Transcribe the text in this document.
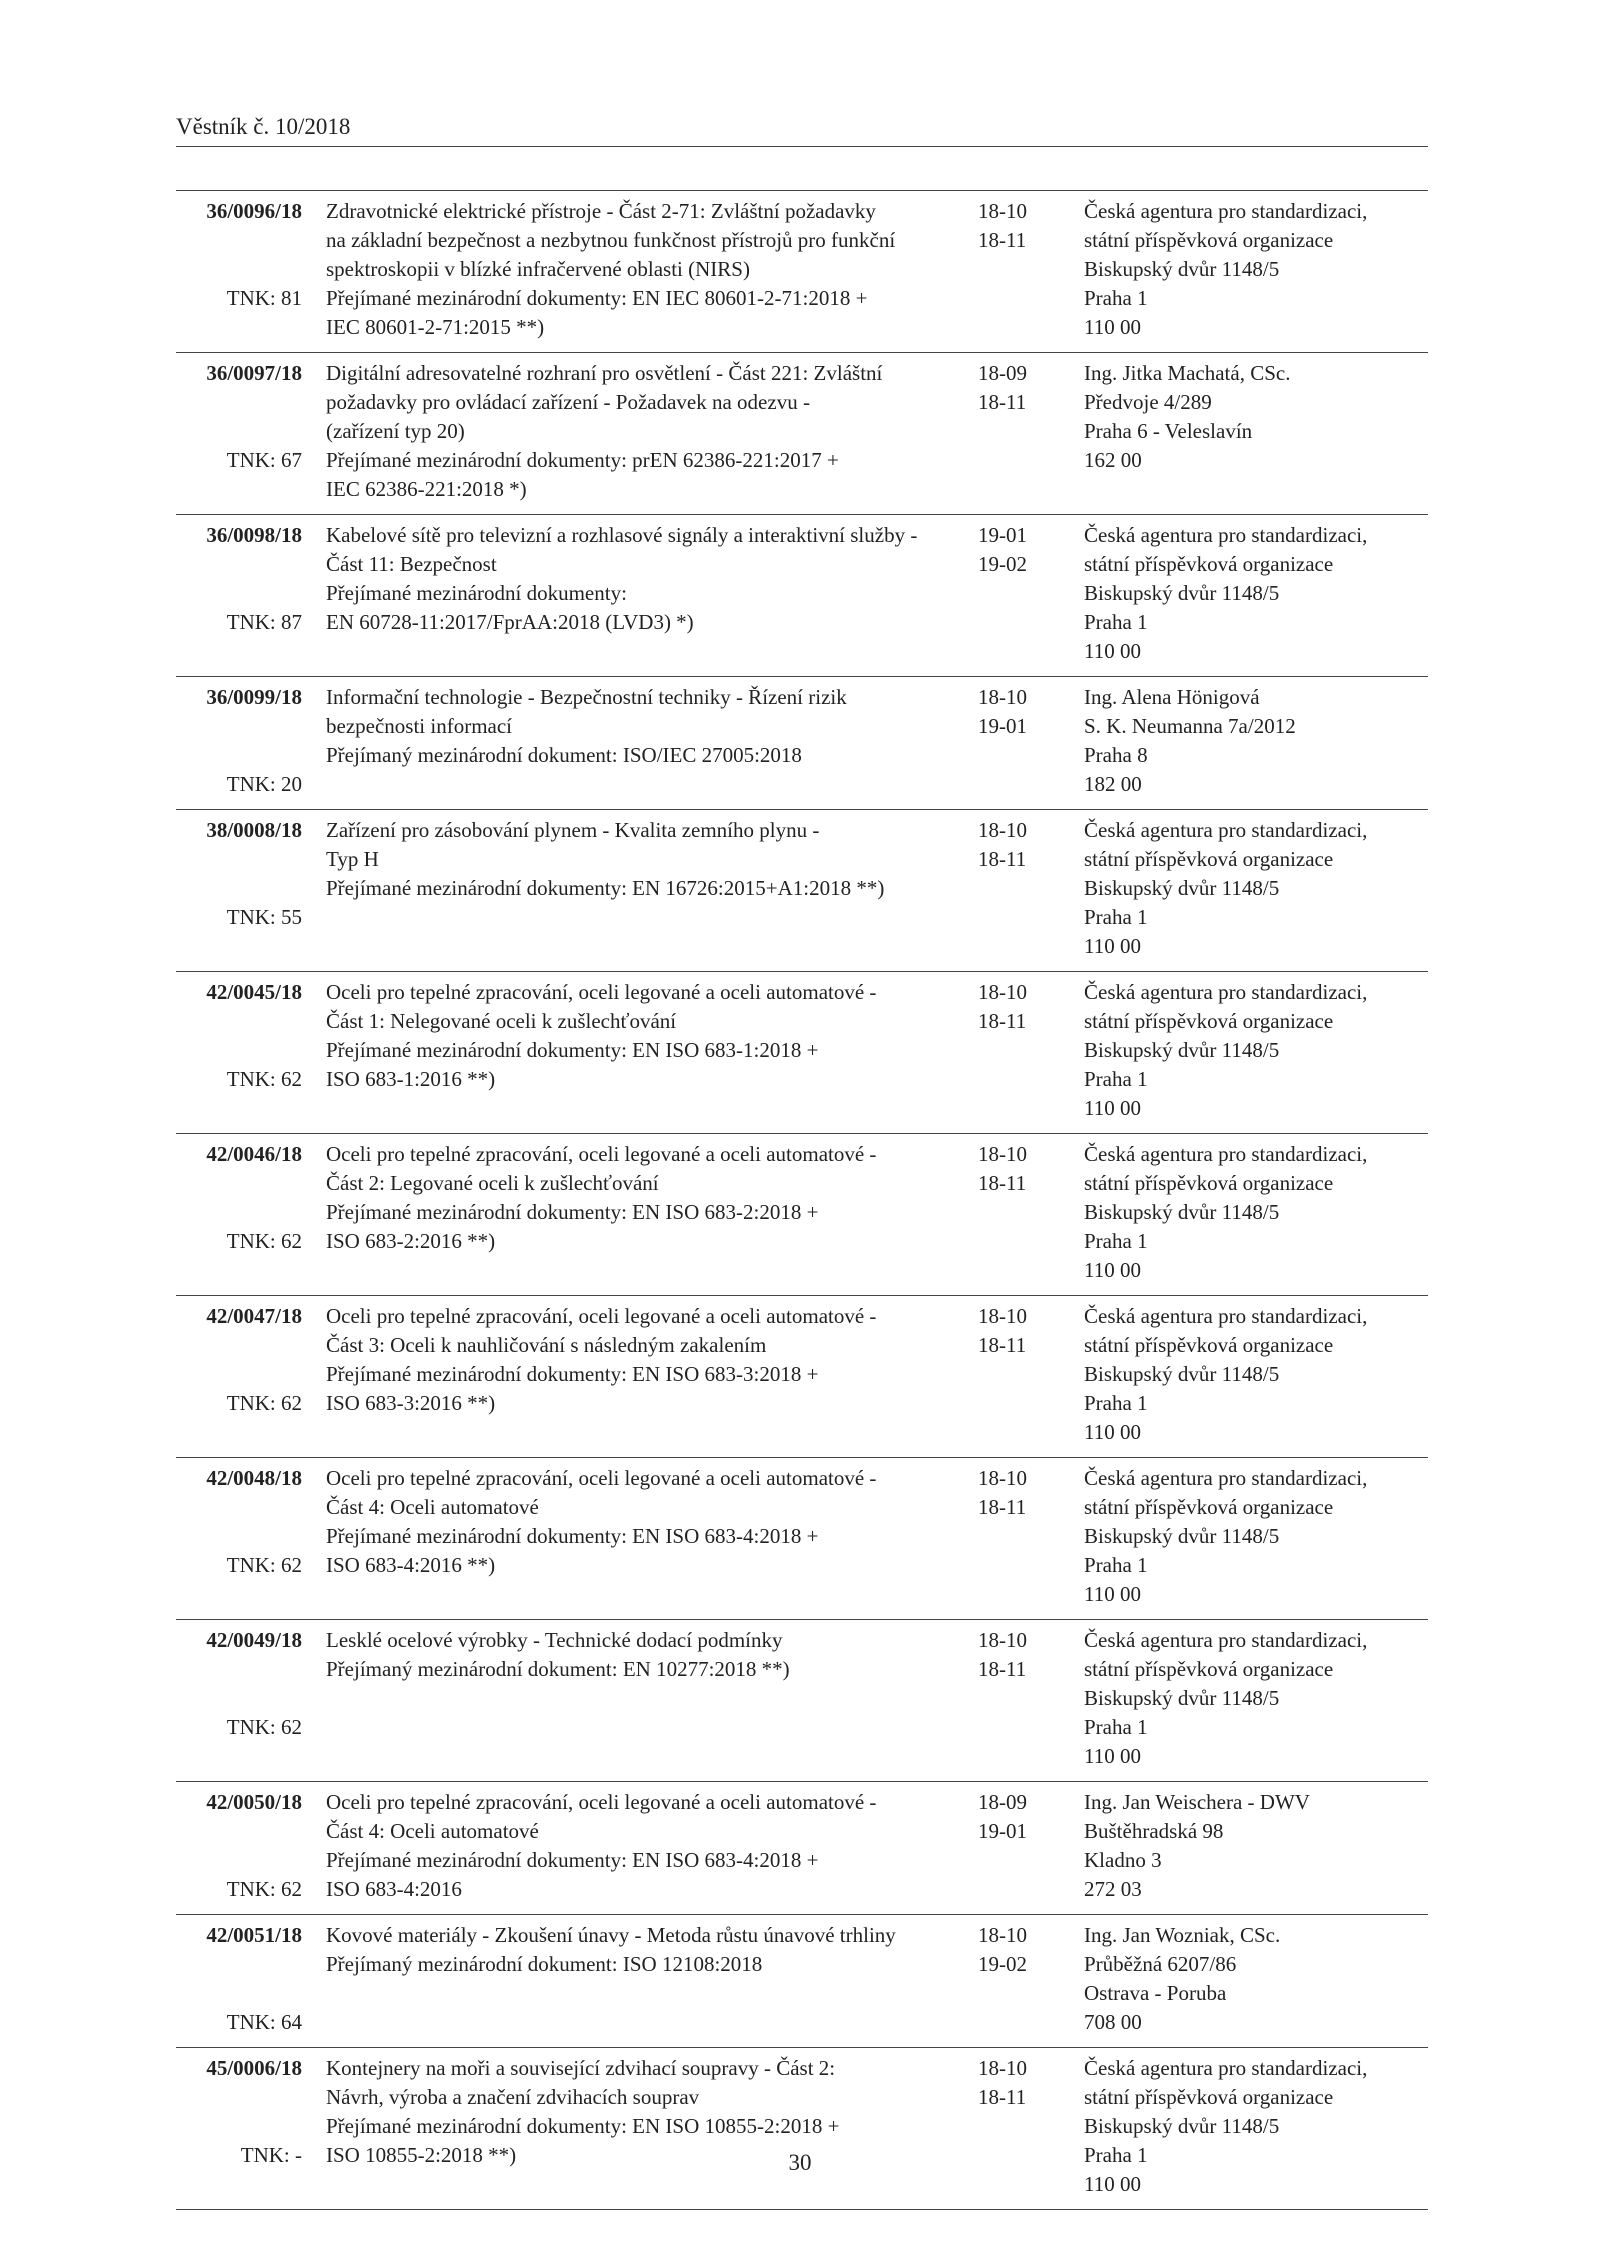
Věstník č. 10/2018
36/0096/18
TNK: 81
Zdravotnické elektrické přístroje - Část 2-71: Zvláštní požadavky
na základní bezpečnost a nezbytnou funkčnost přístrojů pro funkční
spektroskopii v blízké infračervené oblasti (NIRS)
Přejímané mezinárodní dokumenty: EN IEC 80601-2-71:2018 +
IEC 80601-2-71:2015 **)
18-10
18-11
Česká agentura pro standardizaci,
státní příspěvková organizace
Biskupský dvůr 1148/5
Praha 1
110 00
36/0097/18
TNK: 67
Digitální adresovatelné rozhraní pro osvětlení - Část 221: Zvláštní
požadavky pro ovládací zařízení - Požadavek na odezvu -
(zařízení typ 20)
Přejímané mezinárodní dokumenty: prEN 62386-221:2017 +
IEC 62386-221:2018 *)
18-09
18-11
Ing. Jitka Machatá, CSc.
Předvoje 4/289
Praha 6 - Veleslavín
162 00
36/0098/18
TNK: 87
Kabelové sítě pro televizní a rozhlasové signály a interaktivní služby -
Část 11: Bezpečnost
Přejímané mezinárodní dokumenty:
EN 60728-11:2017/FprAA:2018 (LVD3) *)
19-01
19-02
Česká agentura pro standardizaci,
státní příspěvková organizace
Biskupský dvůr 1148/5
Praha 1
110 00
36/0099/18
TNK: 20
Informační technologie - Bezpečnostní techniky - Řízení rizik
bezpečnosti informací
Přejímaný mezinárodní dokument: ISO/IEC 27005:2018
18-10
19-01
Ing. Alena Hönigová
S. K. Neumanna 7a/2012
Praha 8
182 00
38/0008/18
TNK: 55
Zařízení pro zásobování plynem - Kvalita zemního plynu -
Typ H
Přejímané mezinárodní dokumenty: EN 16726:2015+A1:2018 **)
18-10
18-11
Česká agentura pro standardizaci,
státní příspěvková organizace
Biskupský dvůr 1148/5
Praha 1
110 00
42/0045/18
TNK: 62
Oceli pro tepelné zpracování, oceli legované a oceli automatové -
Část 1: Nelegované oceli k zušlechťování
Přejímané mezinárodní dokumenty: EN ISO 683-1:2018 +
ISO 683-1:2016 **)
18-10
18-11
Česká agentura pro standardizaci,
státní příspěvková organizace
Biskupský dvůr 1148/5
Praha 1
110 00
42/0046/18
TNK: 62
Oceli pro tepelné zpracování, oceli legované a oceli automatové -
Část 2: Legované oceli k zušlechťování
Přejímané mezinárodní dokumenty: EN ISO 683-2:2018 +
ISO 683-2:2016 **)
18-10
18-11
Česká agentura pro standardizaci,
státní příspěvková organizace
Biskupský dvůr 1148/5
Praha 1
110 00
42/0047/18
TNK: 62
Oceli pro tepelné zpracování, oceli legované a oceli automatové -
Část 3: Oceli k nauhličování s následným zakalením
Přejímané mezinárodní dokumenty: EN ISO 683-3:2018 +
ISO 683-3:2016 **)
18-10
18-11
Česká agentura pro standardizaci,
státní příspěvková organizace
Biskupský dvůr 1148/5
Praha 1
110 00
42/0048/18
TNK: 62
Oceli pro tepelné zpracování, oceli legované a oceli automatové -
Část 4: Oceli automatové
Přejímané mezinárodní dokumenty: EN ISO 683-4:2018 +
ISO 683-4:2016 **)
18-10
18-11
Česká agentura pro standardizaci,
státní příspěvková organizace
Biskupský dvůr 1148/5
Praha 1
110 00
42/0049/18
TNK: 62
Lesklé ocelové výrobky - Technické dodací podmínky
Přejímaný mezinárodní dokument: EN 10277:2018 **)
18-10
18-11
Česká agentura pro standardizaci,
státní příspěvková organizace
Biskupský dvůr 1148/5
Praha 1
110 00
42/0050/18
TNK: 62
Oceli pro tepelné zpracování, oceli legované a oceli automatové -
Část 4: Oceli automatové
Přejímané mezinárodní dokumenty: EN ISO 683-4:2018 +
ISO 683-4:2016
18-09
19-01
Ing. Jan Weischera - DWV
Buštěhradská 98
Kladno 3
272 03
42/0051/18
TNK: 64
Kovové materiály - Zkoušení únavy - Metoda růstu únavové trhliny
Přejímaný mezinárodní dokument: ISO 12108:2018
18-10
19-02
Ing. Jan Wozniak, CSc.
Průběžná 6207/86
Ostrava - Poruba
708 00
45/0006/18
TNK: -
Kontejnery na moři a související zdvihací soupravy - Část 2:
Návrh, výroba a značení zdvihacích souprav
Přejímané mezinárodní dokumenty: EN ISO 10855-2:2018 +
ISO 10855-2:2018 **)
18-10
18-11
Česká agentura pro standardizaci,
státní příspěvková organizace
Biskupský dvůr 1148/5
Praha 1
110 00
30
